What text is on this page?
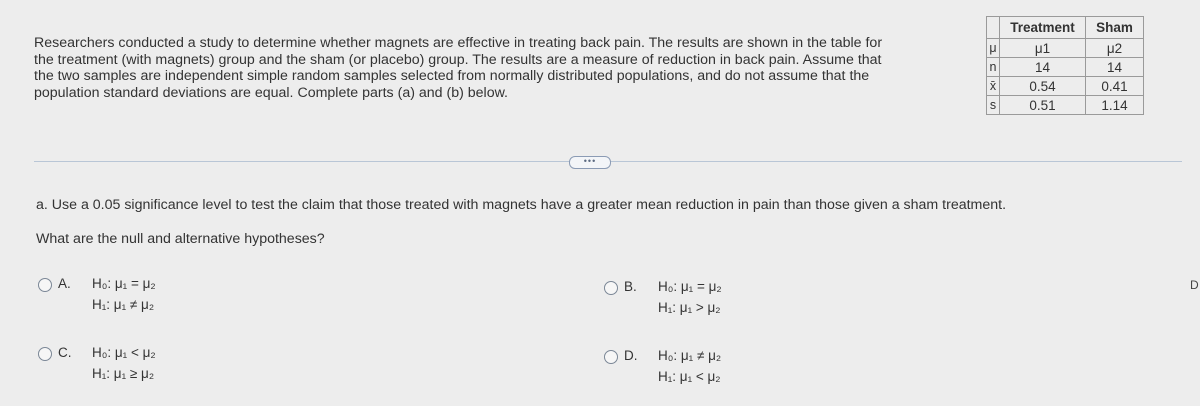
Researchers conducted a study to determine whether magnets are effective in treating back pain. The results are shown in the table for
the treatment (with magnets) group and the sham (or placebo) group. The results are a measure of reduction in back pain. Assume that
the two samples are independent simple random samples selected from normally distributed populations, and do not assume that the
population standard deviations are equal. Complete parts (a) and (b) below.
	Treatment	Sham
μ	μ1	μ2
n	14	14
x̄	0.54	0.41
s	0.51	1.14
•••
D
a. Use a 0.05 significance level to test the claim that those treated with magnets have a greater mean reduction in pain than those given a sham treatment.
What are the null and alternative hypotheses?
A. H₀: μ₁ = μ₂
H₁: μ₁ ≠ μ₂
B. H₀: μ₁ = μ₂
H₁: μ₁ > μ₂
C. H₀: μ₁ < μ₂
H₁: μ₁ ≥ μ₂
D. H₀: μ₁ ≠ μ₂
H₁: μ₁ < μ₂
